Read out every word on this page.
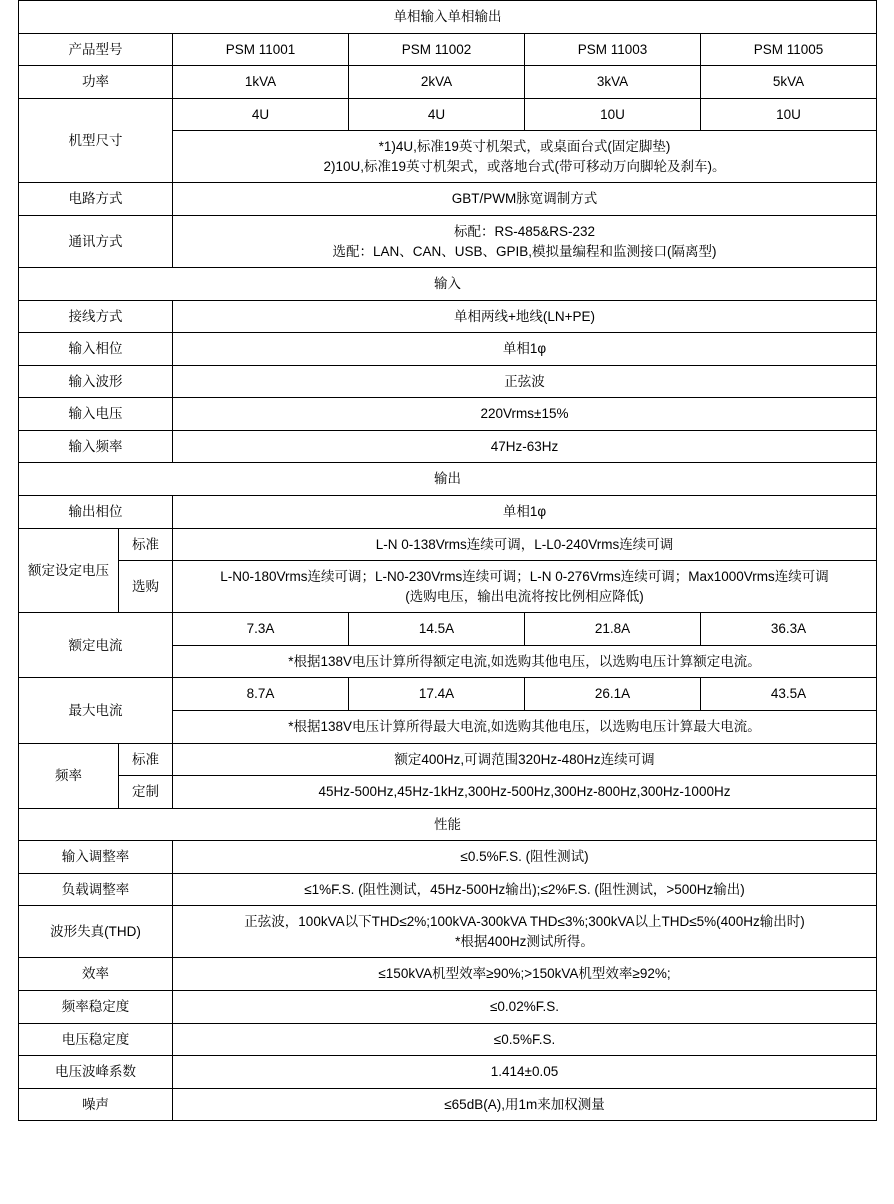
单相输入单相输出					
产品型号		PSM 11001	PSM 11002	PSM 11003	PSM 11005
功率		1kVA	2kVA	3kVA	5kVA
机型尺寸		4U	4U	10U	10U

		*1)4U,标准19英寸机架式，或桌面台式(固定脚垫)
2)10U,标准19英寸机架式，或落地台式(带可移动万向脚轮及刹车)。			

电路方式		GBT/PWM脉宽调制方式			
通讯方式		标配：RS-485&RS-232
选配：LAN、CAN、USB、GPIB,模拟量编程和监测接口(隔离型)			

输入					
接线方式		单相两线+地线(LN+PE)			
输入相位		单相1φ			
输入波形		正弦波			
输入电压		220Vrms±15%			
输入频率		47Hz-63Hz			
输出					
输出相位		单相1φ			
额定设定电压	标准	L-N 0-138Vrms连续可调，L-L0-240Vrms连续可调			
	选购	L-N0-180Vrms连续可调；L-N0-230Vrms连续可调；L-N 0-276Vrms连续可调；Max1000Vrms连续可调
(选购电压，输出电流将按比例相应降低)			

额定电流		7.3A	14.5A	21.8A	36.3A
		*根据138V电压计算所得额定电流,如选购其他电压，以选购电压计算额定电流。			
最大电流		8.7A	17.4A	26.1A	43.5A
		*根据138V电压计算所得最大电流,如选购其他电压，以选购电压计算最大电流。			
频率	标准	额定400Hz,可调范围320Hz-480Hz连续可调			
	定制	45Hz-500Hz,45Hz-1kHz,300Hz-500Hz,300Hz-800Hz,300Hz-1000Hz			
性能					
输入调整率		≤0.5%F.S. (阻性测试)			
负载调整率		≤1%F.S. (阻性测试，45Hz-500Hz输出);≤2%F.S. (阻性测试，>500Hz输出)			
波形失真(THD)		正弦波，100kVA以下THD≤2%;100kVA-300kVA THD≤3%;300kVA以上THD≤5%(400Hz输出时)
*根据400Hz测试所得。			

效率		≤150kVA机型效率≥90%;>150kVA机型效率≥92%;			
频率稳定度		≤0.02%F.S.			
电压稳定度		≤0.5%F.S.			
电压波峰系数		1.414±0.05			
噪声		≤65dB(A),用1m来加权测量			
